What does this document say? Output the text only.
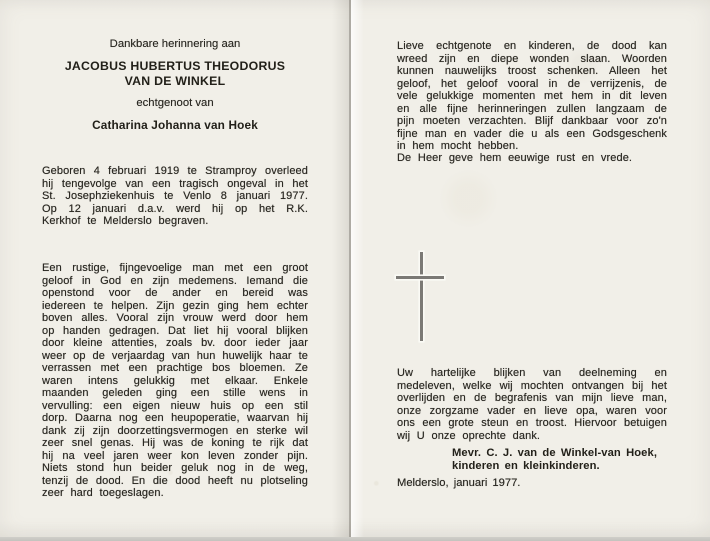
Dankbare herinnering aan
JACOBUS HUBERTUS THEODORUS
VAN DE WINKEL
echtgenoot van
Catharina Johanna van Hoek
Geboren 4 februari 1919 te Stramproy overleed hij tengevolge van een tragisch ongeval in het St. Josephziekenhuis te Venlo 8 januari 1977. Op 12 januari d.a.v. werd hij op het R.K. Kerkhof te Melderslo begraven.
Een rustige, fijngevoelige man met een groot geloof in God en zijn medemens. Iemand die openstond voor de ander en bereid was iedereen te helpen. Zijn gezin ging hem echter boven alles. Vooral zijn vrouw werd door hem op handen gedragen. Dat liet hij vooral blijken door kleine attenties, zoals bv. door ieder jaar weer op de verjaardag van hun huwelijk haar te verrassen met een prachtige bos bloemen. Ze waren intens gelukkig met elkaar. Enkele maanden geleden ging een stille wens in vervulling: een eigen nieuw huis op een stil dorp. Daarna nog een heupoperatie, waarvan hij dank zij zijn doorzettingsvermogen en sterke wil zeer snel genas. Hij was de koning te rijk dat hij na veel jaren weer kon leven zonder pijn. Niets stond hun beider geluk nog in de weg, tenzij de dood. En die dood heeft nu plotseling zeer hard toegeslagen.
Lieve echtgenote en kinderen, de dood kan wreed zijn en diepe wonden slaan. Woorden kunnen nauwelijks troost schenken. Alleen het geloof, het geloof vooral in de verrijzenis, de vele gelukkige momenten met hem in dit leven en alle fijne herinneringen zullen langzaam de pijn moeten verzachten. Blijf dankbaar voor zo'n fijne man en vader die u als een Godsgeschenk in hem mocht hebben.
De Heer geve hem eeuwige rust en vrede.
Uw hartelijke blijken van deelneming en medeleven, welke wij mochten ontvangen bij het overlijden en de begrafenis van mijn lieve man, onze zorgzame vader en lieve opa, waren voor ons een grote steun en troost. Hiervoor betuigen wij U onze oprechte dank.
Mevr. C. J. van de Winkel-van Hoek,
kinderen en kleinkinderen.
Melderslo, januari 1977.
